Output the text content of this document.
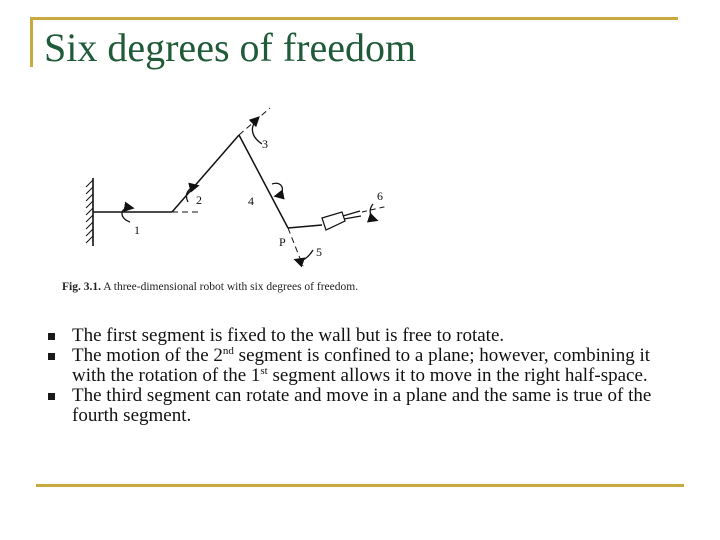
Six degrees of freedom
1
2
3
4
5
6
P
Fig. 3.1. A three-dimensional robot with six degrees of freedom.
The first segment is fixed to the wall but is free to rotate.
The motion of the 2nd segment is confined to a plane; however, combining it with the rotation of the 1st segment allows it to move in the right half-space.
The third segment can rotate and move in a plane and the same is true of the fourth segment.
